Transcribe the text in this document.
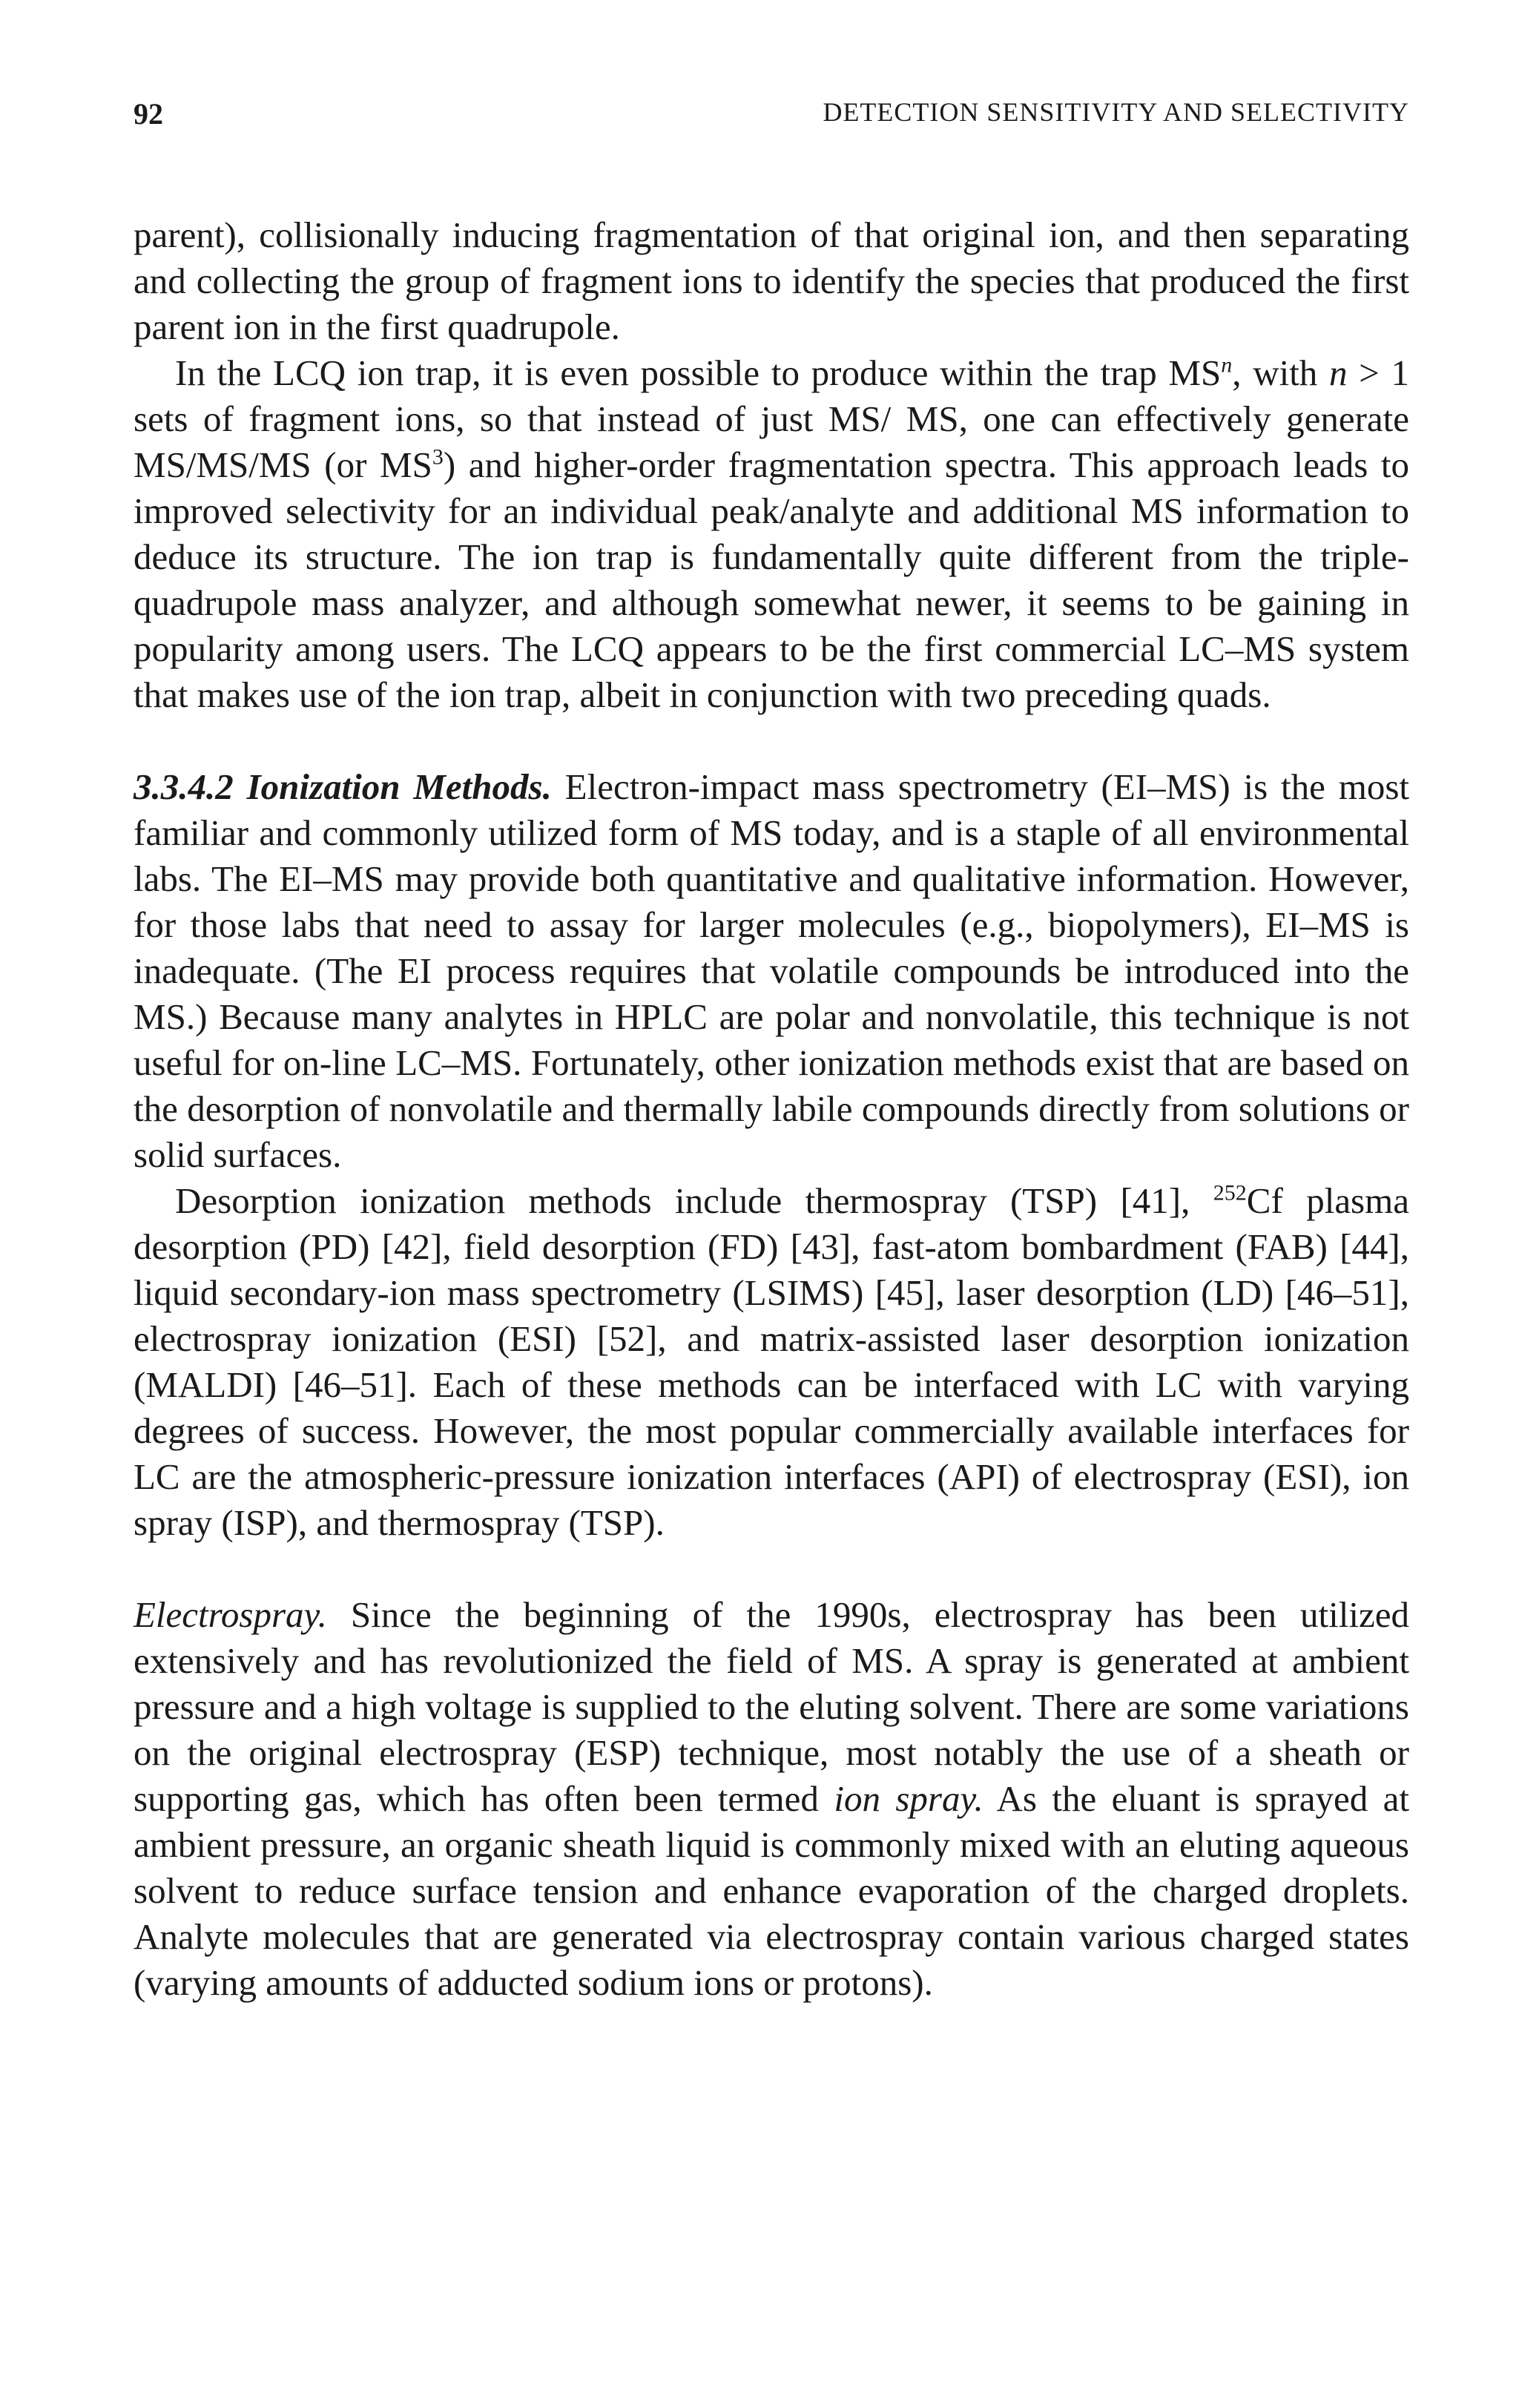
92	DETECTION SENSITIVITY AND SELECTIVITY

parent), collisionally inducing fragmentation of that original ion, and then separating and collecting the group of fragment ions to identify the species that produced the first parent ion in the first quadrupole.

In the LCQ ion trap, it is even possible to produce within the trap $MS^n$, with n > 1 sets of fragment ions, so that instead of just MS/ MS, one can effectively generate MS/MS/MS (or $MS^3$) and higher-order fragmentation spectra. This approach leads to improved selectivity for an individual peak/analyte and additional MS information to deduce its structure. The ion trap is fundamentally quite different from the triple-quadrupole mass analyzer, and although somewhat newer, it seems to be gaining in popularity among users. The LCQ appears to be the first commercial LC–MS system that makes use of the ion trap, albeit in conjunction with two preceding quads.

3.3.4.2 Ionization Methods. Electron-impact mass spectrometry (EI–MS) is the most familiar and commonly utilized form of MS today, and is a staple of all environmental labs. The EI–MS may provide both quantitative and qualitative information. However, for those labs that need to assay for larger molecules (e.g., biopolymers), EI–MS is inadequate. (The EI process requires that volatile compounds be introduced into the MS.) Because many analytes in HPLC are polar and nonvolatile, this technique is not useful for on-line LC–MS. Fortunately, other ionization methods exist that are based on the desorption of nonvolatile and thermally labile compounds directly from solutions or solid surfaces.

Desorption ionization methods include thermospray (TSP) [41], $^{252}$Cf plasma desorption (PD) [42], field desorption (FD) [43], fast-atom bombardment (FAB) [44], liquid secondary-ion mass spectrometry (LSIMS) [45], laser desorption (LD) [46–51], electrospray ionization (ESI) [52], and matrix-assisted laser desorption ionization (MALDI) [46–51]. Each of these methods can be interfaced with LC with varying degrees of success. However, the most popular commercially available interfaces for LC are the atmospheric-pressure ionization interfaces (API) of electrospray (ESI), ion spray (ISP), and thermospray (TSP).

Electrospray. Since the beginning of the 1990s, electrospray has been utilized extensively and has revolutionized the field of MS. A spray is generated at ambient pressure and a high voltage is supplied to the eluting solvent. There are some variations on the original electrospray (ESP) technique, most notably the use of a sheath or supporting gas, which has often been termed ion spray. As the eluant is sprayed at ambient pressure, an organic sheath liquid is commonly mixed with an eluting aqueous solvent to reduce surface tension and enhance evaporation of the charged droplets. Analyte molecules that are generated via electrospray contain various charged states (varying amounts of adducted sodium ions or protons).
